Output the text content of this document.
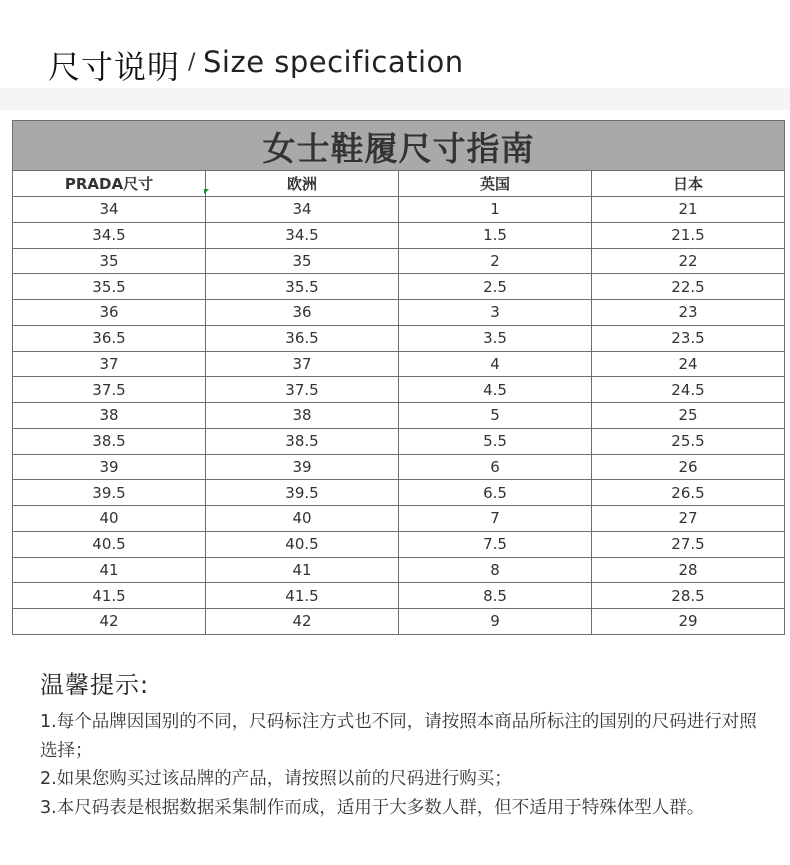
尺寸说明 / Size specification
女士鞋履尺寸指南			
PRADA尺寸	欧洲	英国	日本
34	34	1	21
34.5	34.5	1.5	21.5
35	35	2	22
35.5	35.5	2.5	22.5
36	36	3	23
36.5	36.5	3.5	23.5
37	37	4	24
37.5	37.5	4.5	24.5
38	38	5	25
38.5	38.5	5.5	25.5
39	39	6	26
39.5	39.5	6.5	26.5
40	40	7	27
40.5	40.5	7.5	27.5
41	41	8	28
41.5	41.5	8.5	28.5
42	42	9	29
温馨提示:

1.每个品牌因国别的不同，尺码标注方式也不同，请按照本商品所标注的国别的尺码进行对照选择；

2.如果您购买过该品牌的产品，请按照以前的尺码进行购买；

3.本尺码表是根据数据采集制作而成，适用于大多数人群，但不适用于特殊体型人群。
